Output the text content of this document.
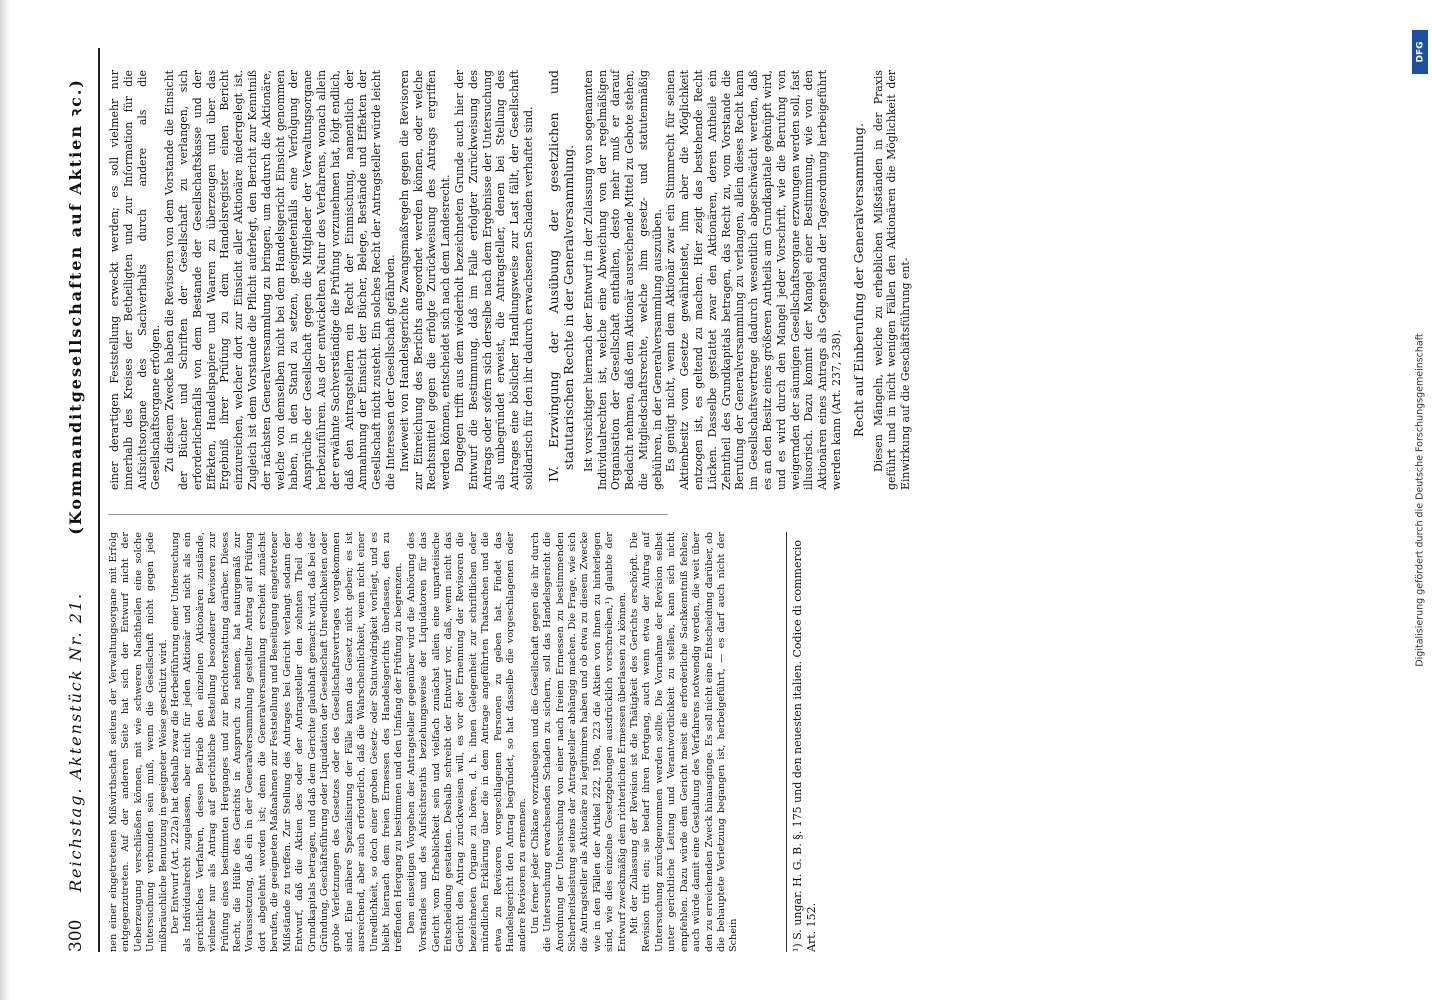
300
Reichstag. Aktenstück Nr. 21.
(Kommanditgesellschaften auf Aktien ꝛc.)

nen einer eingetretenen Mißwirthschaft seitens der Verwaltungsorgane mit Erfolg entgegenzutreten. Auf der anderen Seite hat sich der Entwurf nicht der Ueberzeugung verschließen können, mit wie schweren Nachtheilen eine solche Untersuchung verbunden sein muß, wenn die Gesellschaft nicht gegen jede mißbräuchliche Benutzung in geeigneter Weise geschützt wird. Der Entwurf (Art. 222a) hat deshalb zwar die Herbeiführung einer Untersuchung als Individualrecht zugelassen, aber nicht für jeden Aktionär und nicht als ein gerichtliches Verfahren, dessen Betrieb den einzelnen Aktionären zustände, vielmehr nur als Antrag auf gerichtliche Bestellung besonderer Revisoren zur Prüfung eines bestimmten Herganges und zur Berichterstattung darüber. Dieses Recht, die Hülfe des Gerichts in Anspruch zu nehmen, hat naturgemäß zur Voraussetzung, daß ein in der Generalversammlung gestellter Antrag auf Prüfung dort abgelehnt worden ist; denn die Generalversammlung erscheint zunächst berufen, die geeigneten Maßnahmen zur Feststellung und Beseitigung eingetretener Mißstände zu treffen. Zur Stellung des Antrages bei Gericht verlangt sodann der Entwurf, daß die Aktien des oder der Antragsteller den zehnten Theil des Grundkapitals betragen, und daß dem Gerichte glaubhaft gemacht wird, daß bei der Gründung, Geschäftsführung oder Liquidation der Gesellschaft Unredlichkeiten oder grobe Verletzungen des Gesetzes oder des Gesellschaftsvertrages vorgekommen sind. Eine nähere Spezialisirung der Fälle kann das Gesetz nicht geben; es ist ausreichend, aber auch erforderlich, daß die Wahrscheinlichkeit, wenn nicht einer Unredlichkeit, so doch einer groben Gesetz- oder Statutwidrigkeit vorliegt, und es bleibt hiernach dem freien Ermessen des Handelsgerichts überlassen, den zu treffenden Hergang zu bestimmen und den Umfang der Prüfung zu begrenzen. Dem einseitigen Vorgehen der Antragsteller gegenüber wird die Anhörung des Vorstandes und des Aufsichtsraths beziehungsweise der Liquidatoren für das Gericht vom Erheblichkeit sein und vielfach zunächst allein eine unparteiische Entscheidung gestatten. Deshalb schreibt der Entwurf vor, daß, wenn nicht das Gericht den Antrag zurückweisen will, es vor der Ernennung der Revisoren die bezeichneten Organe zu hören, d. h. ihnen Gelegenheit zur schriftlichen oder mündlichen Erklärung über die in dem Antrage angeführten Thatsachen und die etwa zu Revisoren vorgeschlagenen Personen zu geben hat. Findet das Handelsgericht den Antrag begründet, so hat dasselbe die vorgeschlagenen oder andere Revisoren zu ernennen. Um ferner jeder Chikane vorzubeugen und die Gesellschaft gegen die ihr durch die Untersuchung erwachsenden Schaden zu sichern, soll das Handelsgericht die Anordnung der Untersuchung von einer nach freiem Ermessen zu bestimmenden Sicherheitsleistung seitens der Antragsteller abhängig machen. Die Frage, wie sich die Antragsteller als Aktionäre zu legitimiren haben und ob etwa zu diesem Zwecke wie in den Fällen der Artikel 222, 190a, 223 die Aktien von ihnen zu hinterlegen sind, wie dies einzelne Gesetzgebungen ausdrücklich vorschreiben,¹) glaubte der Entwurf zweckmäßig dem richterlichen Ermessen überlassen zu können. Mit der Zulassung der Revision ist die Thätigkeit des Gerichts erschöpft. Die Revision tritt ein; sie bedarf ihren Fortgang, auch wenn etwa der Antrag auf Untersuchung zurückgenommen werden sollte. Die Vornahme der Revision selbst unter gerichtliche Leitung und Verantwortlichkeit zu stellen, kann sich nicht empfehlen. Dazu würde dem Gericht meist die erforderliche Sachkenntniß fehlen; auch würde damit eine Gestaltung des Verfahrens notwendig werden, die weit über den zu erreichenden Zweck hinausginge. Es soll nicht eine Entscheidung darüber, ob die behauptete Verletzung begangen ist, herbeigeführt, — es darf auch nicht der Schein

einer derartigen Feststellung erweckt werden; es soll vielmehr nur innerhalb des Kreises der Betheiligten und zur Information für die Aufsichtsorgane des Sachverhalts durch andere als die Gesellschaftsorgane erfolgen. Zu diesem Zwecke haben die Revisoren von dem Vorstande die Einsicht der Bücher und Schriften der Gesellschaft zu verlangen, sich erforderlichenfalls von dem Bestande der Gesellschaftskasse und der Effekten, Handelspapiere und Waaren zu überzeugen und über das Ergebniß ihrer Prüfung zu dem Handelsregister einen Bericht einzureichen, welcher dort zur Einsicht aller Aktionäre niedergelegt ist. Zugleich ist dem Vorstande die Pflicht auferlegt, den Bericht zur Kenntniß der nächsten Generalversammlung zu bringen, um dadurch die Aktionäre, welche von demselben nicht bei dem Handelsgericht Einsicht genommen haben, in den Stand zu setzen, geeignetenfalls eine Verfolgung der Ansprüche der Gesellschaft gegen die Mitglieder der Verwaltungsorgane herbeizuführen. Aus der entwickelten Natur des Verfahrens, wonach allein der erwähnte Sachverständige die Prüfung vorzunehmen hat, folgt endlich, daß den Antragstellern ein Recht der Einmischung, namentlich der Anmahnung der Einsicht der Bücher, Belege, Bestände und Effekten der Gesellschaft nicht zusteht. Ein solches Recht der Antragsteller würde leicht die Interessen der Gesellschaft gefährden. Inwieweit von Handelsgerichte Zwangsmaßregeln gegen die Revisoren zur Einreichung des Berichts angeordnet werden können, oder welche Rechtsmittel gegen die erfolgte Zurückweisung des Antrags ergriffen werden können, entscheidet sich nach dem Landesrecht. Dagegen trifft aus dem wiederholt bezeichneten Grunde auch hier der Entwurf die Bestimmung, daß im Falle erfolgter Zurückweisung des Antrags oder sofern sich derselbe nach dem Ergebnisse der Untersuchung als unbegründet erweist, die Antragsteller, denen bei Stellung des Antrages eine böslicher Handlungsweise zur Last fällt, der Gesellschaft solidarisch für den ihr dadurch erwachsenen Schaden verhaftet sind. IV. Erzwingung der Ausübung der gesetzlichen und statutarischen Rechte in der Generalversammlung. Ist vorsichtiger hiernach der Entwurf in der Zulassung von sogenannten Individualrechten ist, welche eine Abweichung von der regelmäßigen Organisation der Gesellschaft enthalten, desto mehr muß er darauf Bedacht nehmen, daß dem Aktionär ausreichende Mittel zu Gebote stehen, die Mitgliedschaftsrechte, welche ihm gesetz- und statutenmäßig gebühren, in der Generalversammlung auszuüben. Es genügt nicht, wenn dem Aktionär zwar ein Stimmrecht für seinen Aktienbesitz vom Gesetze gewährleistet, ihm aber die Möglichkeit entzogen ist, es geltend zu machen. Hier zeigt das bestehende Recht Lücken. Dasselbe gestattet zwar den Aktionären, deren Antheile ein Zehntheil des Grundkapitals betragen, das Recht zu, vom Vorstande die Berufung der Generalversammlung zu verlangen, allein dieses Recht kann im Gesellschaftsvertrage dadurch wesentlich abgeschwächt werden, daß es an den Besitz eines größeren Antheils am Grundkapitale geknüpft wird, und es wird durch den Mangel jeder Vorschrift, wie die Berufung von weigernden der säumigen Gesellschaftsorgane erzwungen werden soll, fast illusorisch. Dazu kommt der Mangel einer Bestimmung, wie von den Aktionären eines Antrags als Gegenstand der Tagesordnung herbeigeführt werden kann (Art. 237, 238). Recht auf Einberufung der Generalversammlung. Diesen Mängeln, welche zu erheblichen Mißständen in der Praxis geführt und in nicht wenigen Fällen den Aktionären die Möglichkeit der Einwirkung auf die Geschäftsführung ent-

¹) S. ungar. H. G. B. §. 175 und den neuesten italien. Codice di commercio Art. 152.
DFG
Digitalisierung gefördert durch die Deutsche Forschungsgemeinschaft
